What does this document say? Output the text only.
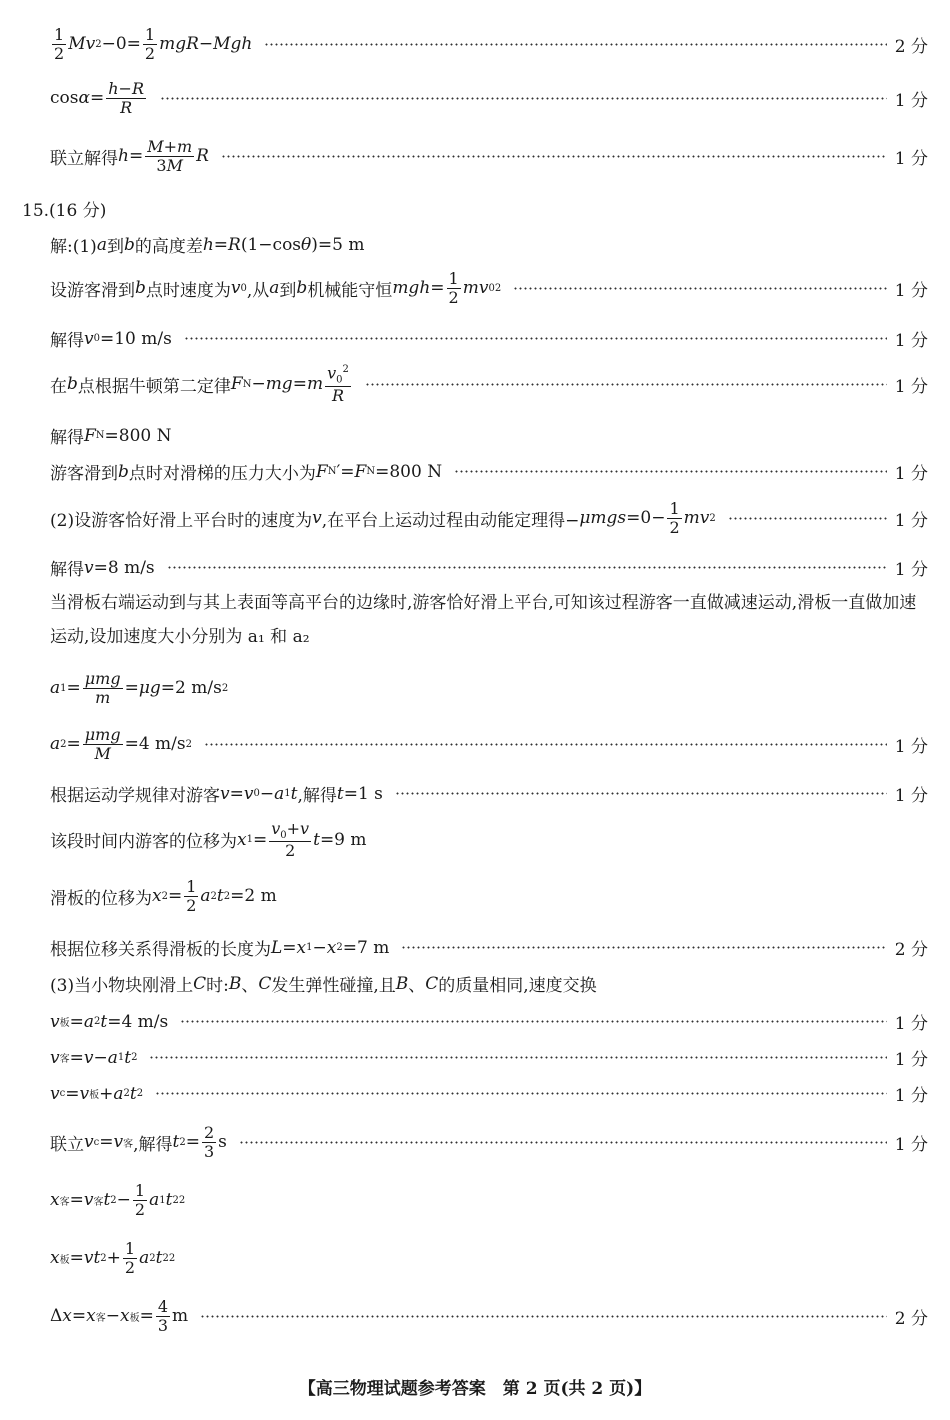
$\frac{1}{2}$ Mv $2 -0= \frac{1}{2}$ mgR − Mgh	2 分
$\cos \alpha = \frac{h-R}{R}$	1 分
联立解得 $h = \frac{M+m}{3M}$ R	1 分
15.(16 分)
解:(1) a 到 b 的高度差 h = R (1−cos θ )=5 m
设游客滑到 b 点时速度为 v 0 ,从 a 到 b 机械能守恒 mgh = $\frac{1}{2}$ mv 0 2	1 分
解得 v 0 =10 m/s	1 分
在 b 点根据牛顿第二定律 F N − mg = m $\frac{v_0^2}{R}$	1 分
解得 F N =800 N
游客滑到 b 点时对滑梯的压力大小为 F N ′= F N =800 N	1 分
(2)设游客恰好滑上平台时的速度为 v ,在平台上运动过程由动能定理得− $\mu mgs =0- \frac{1}{2}$ mv 2	1 分
解得 v =8 m/s	1 分
当滑板右端运动到与其上表面等高平台的边缘时,游客恰好滑上平台,可知该过程游客一直做减速运动,滑板一直做加速运动,设加速度大小分别为 a₁ 和 a₂
a $1 = \frac{\text{μmg}}{m} = \mu g =2$ m/s 2
a $2 = \frac{\text{μmg}}{M} =4$ m/s 2	1 分
根据运动学规律对游客 v = v 0 − a 1 t ,解得 t =1 s	1 分
该段时间内游客的位移为 x $1 = \frac{v_0+v}{2}$ t =9 m
滑板的位移为 x $2 = \frac{1}{2}$ a 2 t 2 =2 m
根据位移关系得滑板的长度为 L = x 1 − x 2 =7 m	2 分
(3)当小物块刚滑上 C 时: B 、 C 发生弹性碰撞,且 B 、 C 的质量相同,速度交换
v 板 = a 2 t =4 m/s	1 分
v 客 = v − a 1 t 2	1 分
v c = v 板 + a 2 t 2	1 分
联立 v c = v 客 ,解得 t $2 = \frac{2}{3}$ s	1 分
x 客 = v 客 t $2 - \frac{1}{2}$ a 1 t 2 2
x 板 = vt $2 + \frac{1}{2}$ a 2 t 2 2
Δ x = x 客 − x 板 = $\frac{4}{3}$ m	2 分
【高三物理试题参考答案　第 2 页(共 2 页)】
